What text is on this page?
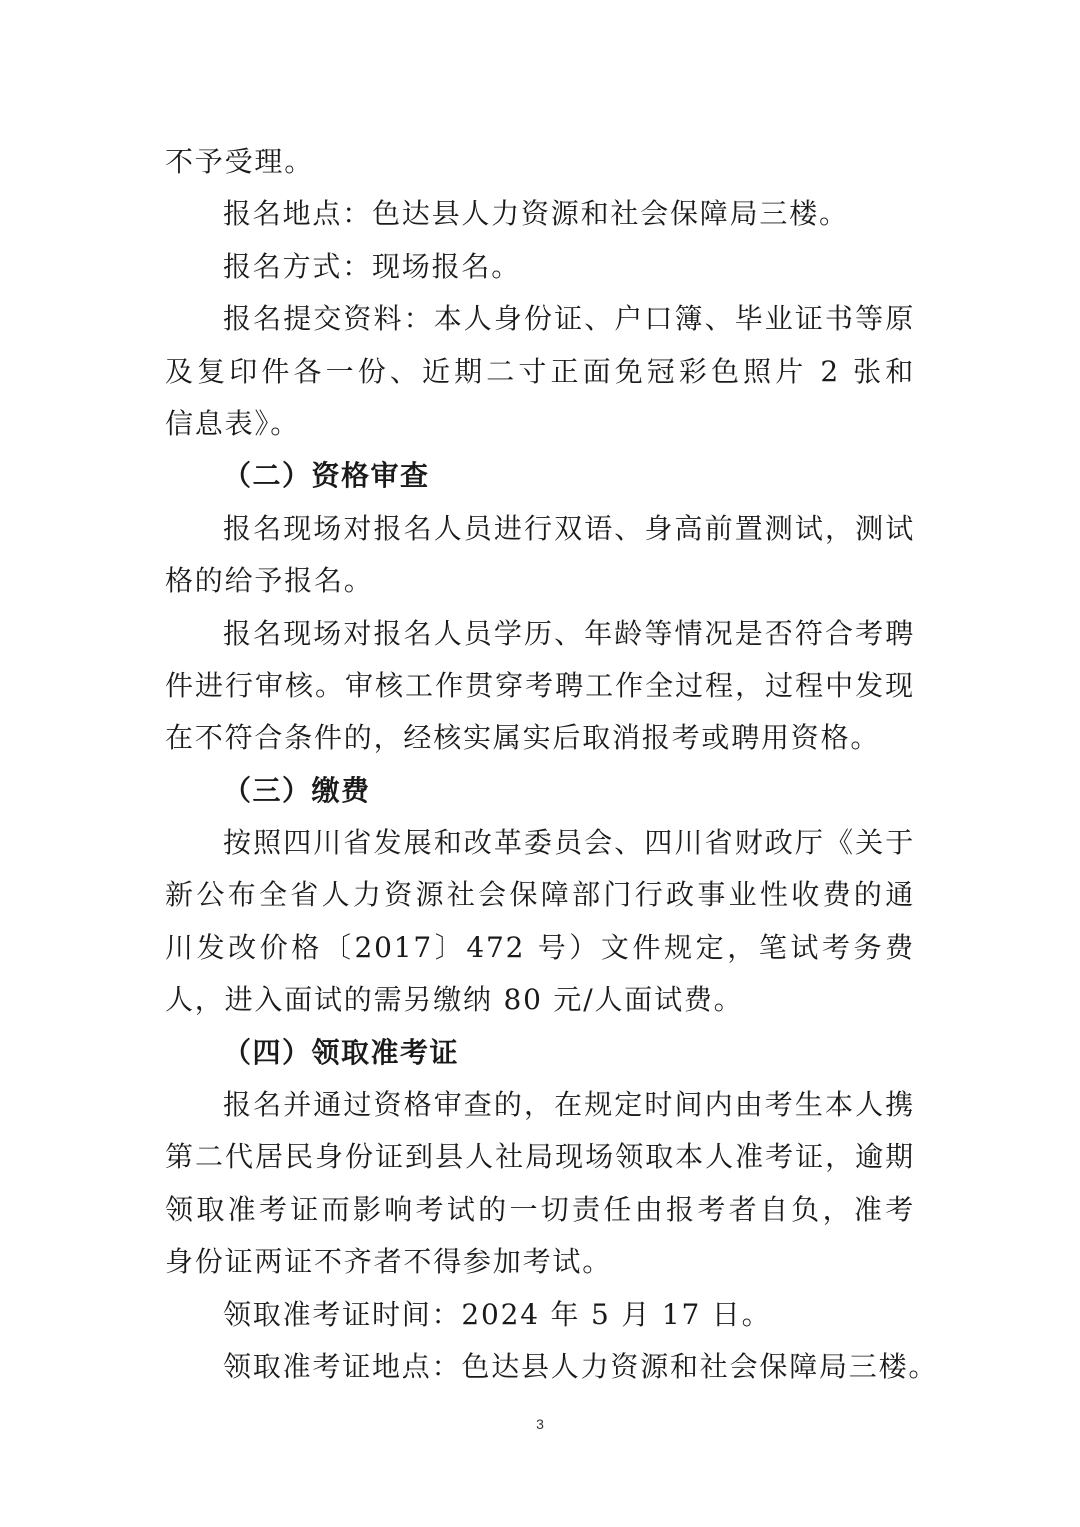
不予受理。
报名地点：色达县人力资源和社会保障局三楼。
报名方式：现场报名。
报名提交资料：本人身份证、户口簿、毕业证书等原
及复印件各一份、近期二寸正面免冠彩色照片 2 张和
信息表》。
（二）资格审查
报名现场对报名人员进行双语、身高前置测试，测试
格的给予报名。
报名现场对报名人员学历、年龄等情况是否符合考聘
件进行审核。审核工作贯穿考聘工作全过程，过程中发现
在不符合条件的，经核实属实后取消报考或聘用资格。
（三）缴费
按照四川省发展和改革委员会、四川省财政厅《关于
新公布全省人力资源社会保障部门行政事业性收费的通
川发改价格〔2017〕472 号）文件规定，笔试考务费
人，进入面试的需另缴纳 80 元/人面试费。
（四）领取准考证
报名并通过资格审查的，在规定时间内由考生本人携
第二代居民身份证到县人社局现场领取本人准考证，逾期
领取准考证而影响考试的一切责任由报考者自负，准考
身份证两证不齐者不得参加考试。
领取准考证时间：2024 年 5 月 17 日。
领取准考证地点：色达县人力资源和社会保障局三楼。
3
